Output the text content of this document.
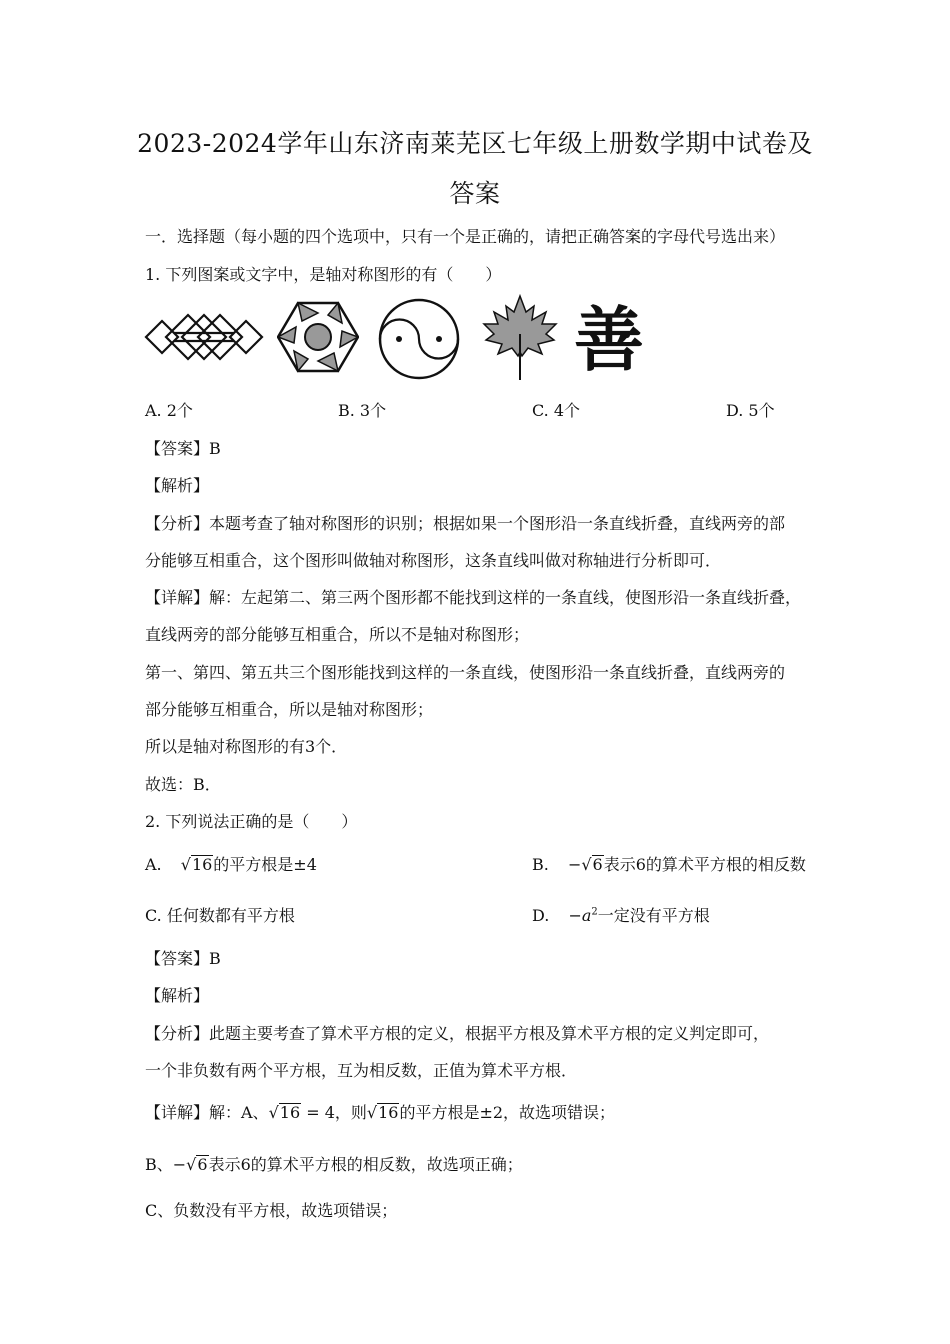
2023-2024学年山东济南莱芜区七年级上册数学期中试卷及
答案
一．选择题（每小题的四个选项中，只有一个是正确的，请把正确答案的字母代号选出来）
1. 下列图案或文字中，是轴对称图形的有（　　）
善
A. 2个	B. 3个	C. 4个	D. 5个
【答案】B
【解析】
【分析】本题考查了轴对称图形的识别；根据如果一个图形沿一条直线折叠，直线两旁的部
分能够互相重合，这个图形叫做轴对称图形，这条直线叫做对称轴进行分析即可．
【详解】解：左起第二、第三两个图形都不能找到这样的一条直线，使图形沿一条直线折叠，
直线两旁的部分能够互相重合，所以不是轴对称图形；
第一、第四、第五共三个图形能找到这样的一条直线，使图形沿一条直线折叠，直线两旁的
部分能够互相重合，所以是轴对称图形；
所以是轴对称图形的有3个．
故选：B．
2. 下列说法正确的是（　　）
A. √16的平方根是±4	B. −√6表示6的算术平方根的相反数
C. 任何数都有平方根	D. $-a^2$一定没有平方根
【答案】B
【解析】
【分析】此题主要考查了算术平方根的定义，根据平方根及算术平方根的定义判定即可，
一个非负数有两个平方根，互为相反数，正值为算术平方根．
【详解】解：A、√16 = 4，则√16的平方根是±2，故选项错误；
B、−√6表示6的算术平方根的相反数，故选项正确；
C、负数没有平方根，故选项错误；
